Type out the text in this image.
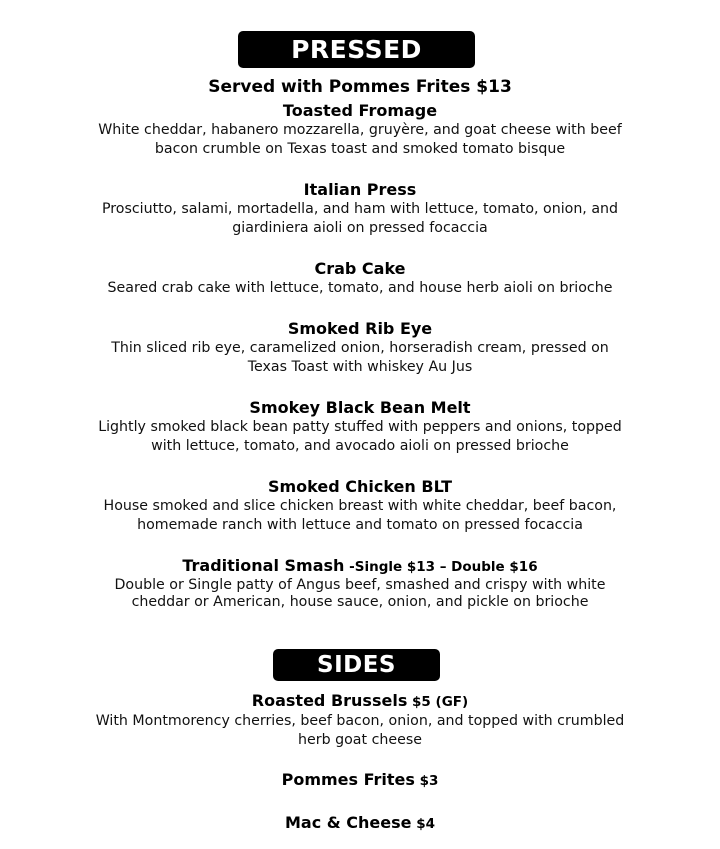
PRESSED
Served with Pommes Frites $13
Toasted Fromage
White cheddar, habanero mozzarella, gruyère, and goat cheese with beef
bacon crumble on Texas toast and smoked tomato bisque
Italian Press
Prosciutto, salami, mortadella, and ham with lettuce, tomato, onion, and
giardiniera aioli on pressed focaccia
Crab Cake
Seared crab cake with lettuce, tomato, and house herb aioli on brioche
Smoked Rib Eye
Thin sliced rib eye, caramelized onion, horseradish cream, pressed on
Texas Toast with whiskey Au Jus
Smokey Black Bean Melt
Lightly smoked black bean patty stuffed with peppers and onions, topped
with lettuce, tomato, and avocado aioli on pressed brioche
Smoked Chicken BLT
House smoked and slice chicken breast with white cheddar, beef bacon,
homemade ranch with lettuce and tomato on pressed focaccia
Traditional Smash -Single $13 – Double $16
Double or Single patty of Angus beef, smashed and crispy with white
cheddar or American, house sauce, onion, and pickle on brioche
SIDES
Roasted Brussels $5 (GF)
With Montmorency cherries, beef bacon, onion, and topped with crumbled
herb goat cheese
Pommes Frites $3
Mac & Cheese $4
